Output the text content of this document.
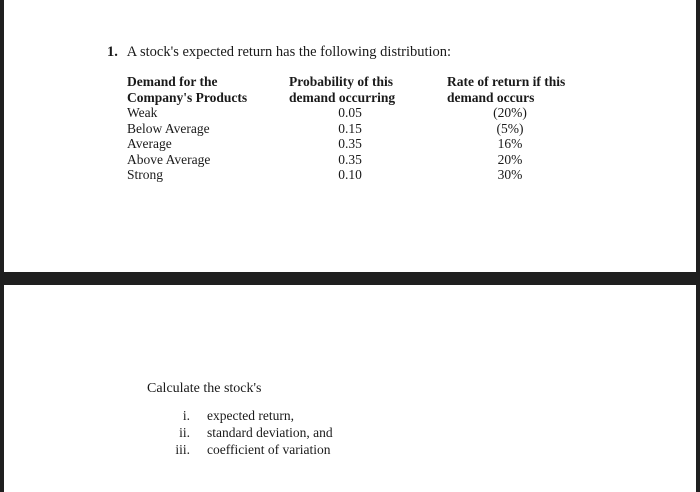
1. A stock's expected return has the following distribution:
Demand for the
Company's Products
Weak
Below Average
Average
Above Average
Strong
Probability of this
demand occurring
0.05
0.15
0.35
0.35
0.10
Rate of return if this
demand occurs
(20%)
(5%)
16%
20%
30%
Calculate the stock's
i.
ii.
iii.
expected return,
standard deviation, and
coefficient of variation
